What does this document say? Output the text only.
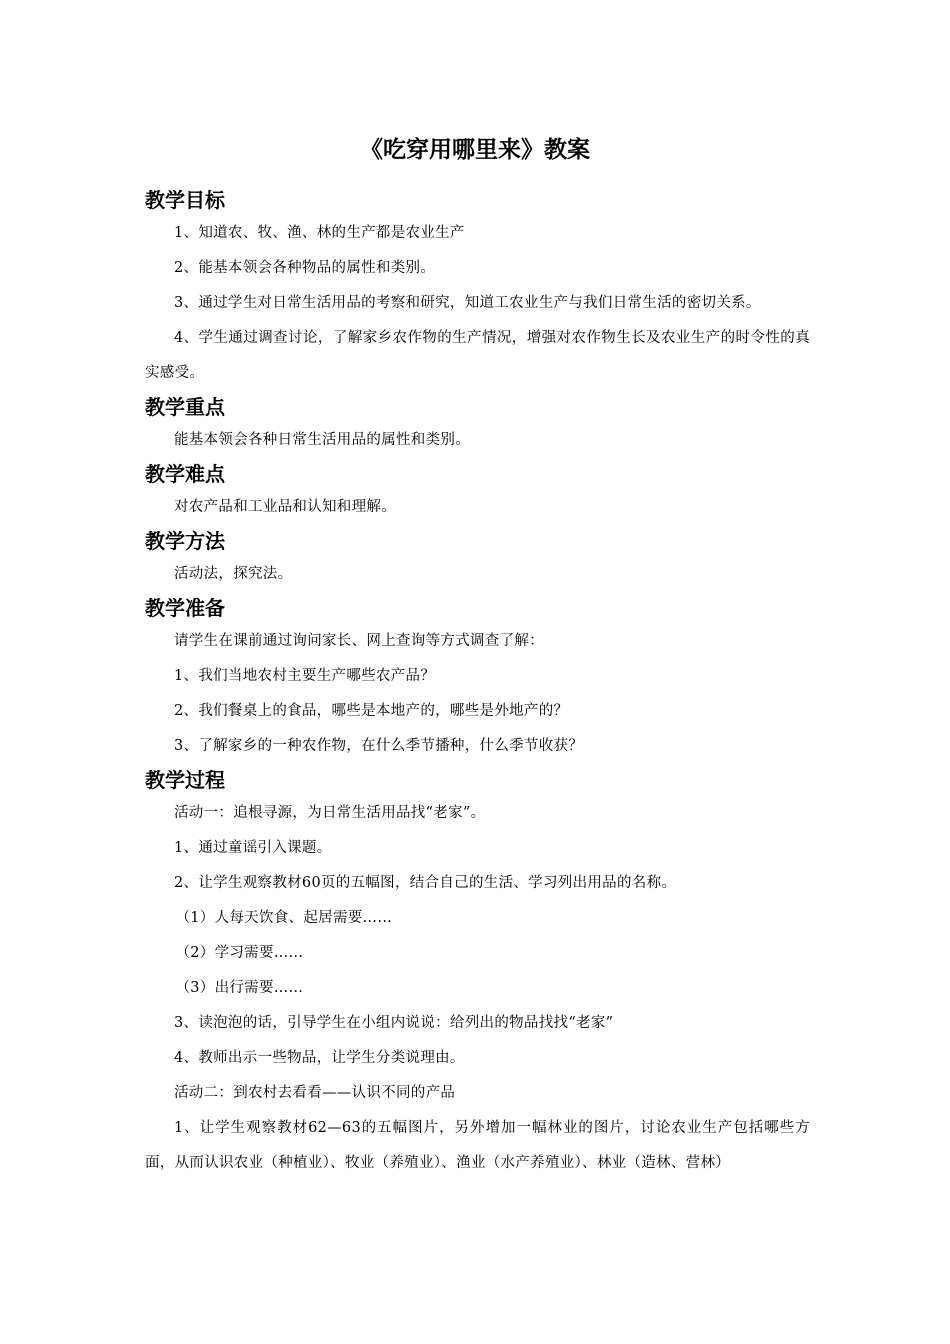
《吃穿用哪里来》教案
教学目标

1、知道农、牧、渔、林的生产都是农业生产

2、能基本领会各种物品的属性和类别。

3、通过学生对日常生活用品的考察和研究，知道工农业生产与我们日常生活的密切关系。

4、学生通过调查讨论，了解家乡农作物的生产情况，增强对农作物生长及农业生产的时令性的真实感受。

教学重点

能基本领会各种日常生活用品的属性和类别。

教学难点

对农产品和工业品和认知和理解。

教学方法

活动法，探究法。

教学准备

请学生在课前通过询问家长、网上查询等方式调查了解：

1、我们当地农村主要生产哪些农产品？

2、我们餐桌上的食品，哪些是本地产的，哪些是外地产的？

3、了解家乡的一种农作物，在什么季节播种，什么季节收获？

教学过程

活动一：追根寻源，为日常生活用品找“老家”。

1、通过童谣引入课题。

2、让学生观察教材60页的五幅图，结合自己的生活、学习列出用品的名称。

（1）人每天饮食、起居需要……

（2）学习需要……

（3）出行需要……

3、读泡泡的话，引导学生在小组内说说：给列出的物品找找“老家”

4、教师出示一些物品，让学生分类说理由。

活动二：到农村去看看——认识不同的产品

1、让学生观察教材62—63的五幅图片，另外增加一幅林业的图片，讨论农业生产包括哪些方面，从而认识农业（种植业）、牧业（养殖业）、渔业（水产养殖业）、林业（造林、营林）
